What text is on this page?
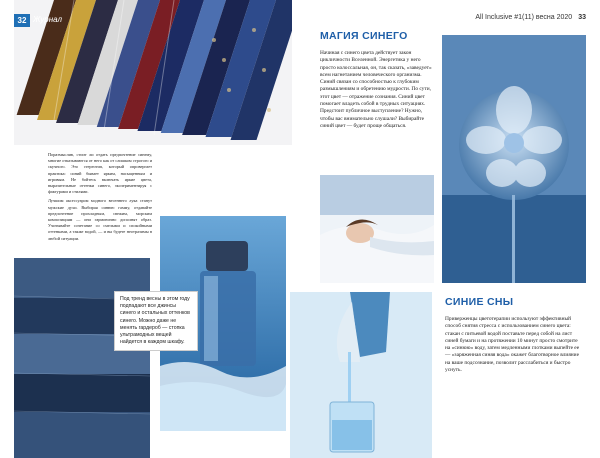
32 Журнал	All Inclusive #1(11) весна 2020 33

Поразмыслив, стоит ли отдать предпочтение синему, многие отказываются от него как от слишком строгого и скучного. Это стереотип, который опровергает практика: синий бывает ярким, насыщенным и игривым. Не бойтесь включать яркие цвета, выразительные оттенки синего, экспериментируя с фактурами и стилями.

Лучшим аксессуаром модного весеннего лука станут мужские духи. Выбирая синюю гамму, отдавайте предпочтение прохладным, свежим, морским композициям — они гармонично дополнят образ. Учитывайте сочетание со смелыми и спокойными оттенками, а также водой, — и вы будете неотразимы в любой ситуации.

Под тренд весны в этом году подпадают все джинсы синего и остальных оттенков синего. Можно даже не менять гардероб — стопка ультрамодных вещей найдется в каждом шкафу.
МАГИЯ СИНЕГО
Начиная с синего цвета действует закон цикличности Вселенной. Энергетика у него просто колоссальная, он, так сказать, «заведует» всем нагнетанием человеческого организма. Синий связан со способностью к глубоким размышлениям и обретению мудрости. По сути, этот цвет — отражение сознания. Синий цвет помогает владеть собой в трудных ситуациях. Предстоит публичное выступление? Нужно, чтобы вас внимательно слушали? Выбирайте синий цвет — будет проще общаться.
СИНИЕ СНЫ
Приверженцы цветотерапии используют эффективный способ снятия стресса с использованием синего цвета: стакан с питьевой водой поставьте перед собой на лист синей бумаги и на протяжении 10 минут просто смотрите на «синюю» воду, затем медленными глотками выпейте ее — «заряженная синяя вода» окажет благотворное влияние на ваше подсознание, позволит расслабиться и быстро уснуть.
